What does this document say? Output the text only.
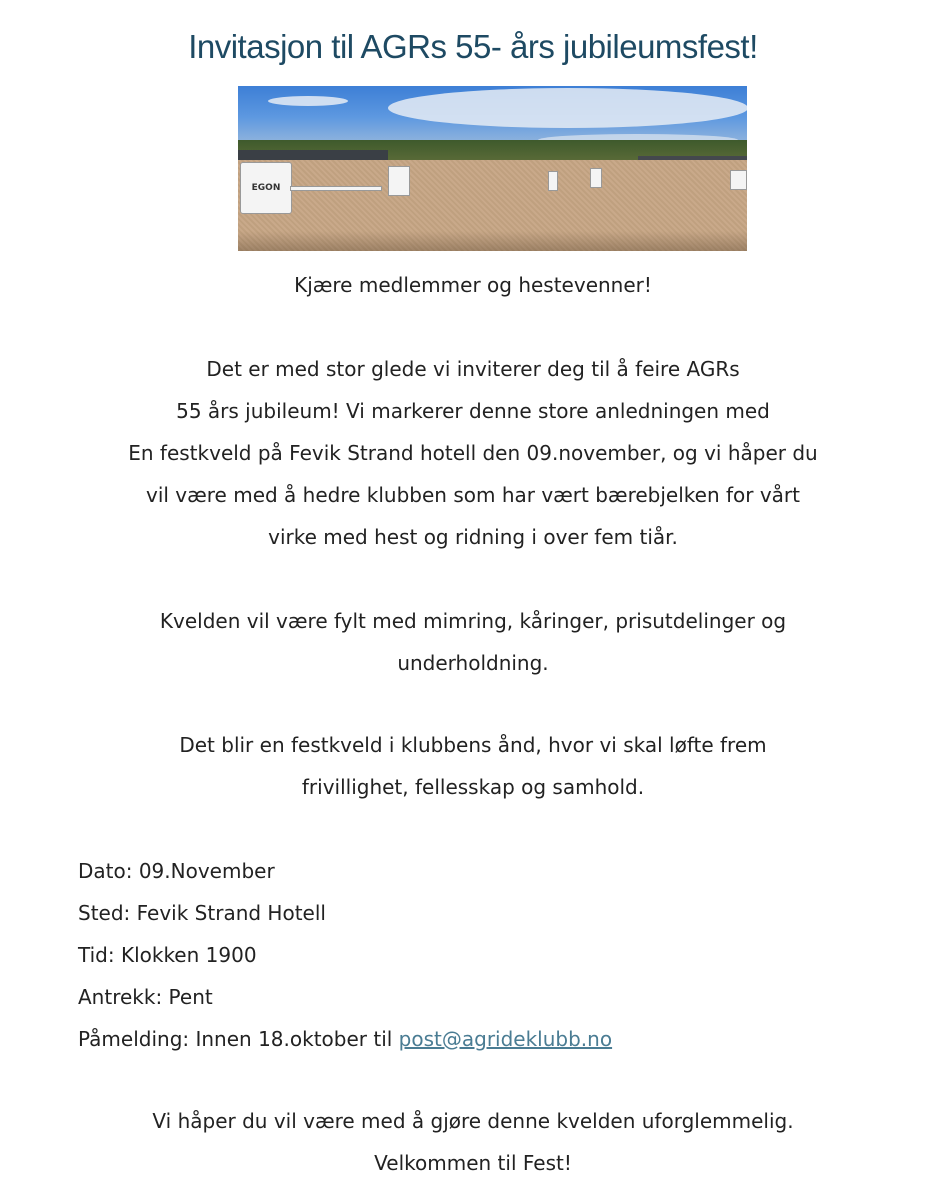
Invitasjon til AGRs 55- års jubileumsfest!
EGON
Kjære medlemmer og hestevenner!
Det er med stor glede vi inviterer deg til å feire AGRs
55 års jubileum! Vi markerer denne store anledningen med
En festkveld på Fevik Strand hotell den 09.november, og vi håper du
vil være med å hedre klubben som har vært bærebjelken for vårt
virke med hest og ridning i over fem tiår.
Kvelden vil være fylt med mimring, kåringer, prisutdelinger og
underholdning.
Det blir en festkveld i klubbens ånd, hvor vi skal løfte frem
frivillighet, fellesskap og samhold.
Dato: 09.November
Sted: Fevik Strand Hotell
Tid: Klokken 1900
Antrekk: Pent
Påmelding: Innen 18.oktober til post@agrideklubb.no
Vi håper du vil være med å gjøre denne kvelden uforglemmelig.
Velkommen til Fest!
